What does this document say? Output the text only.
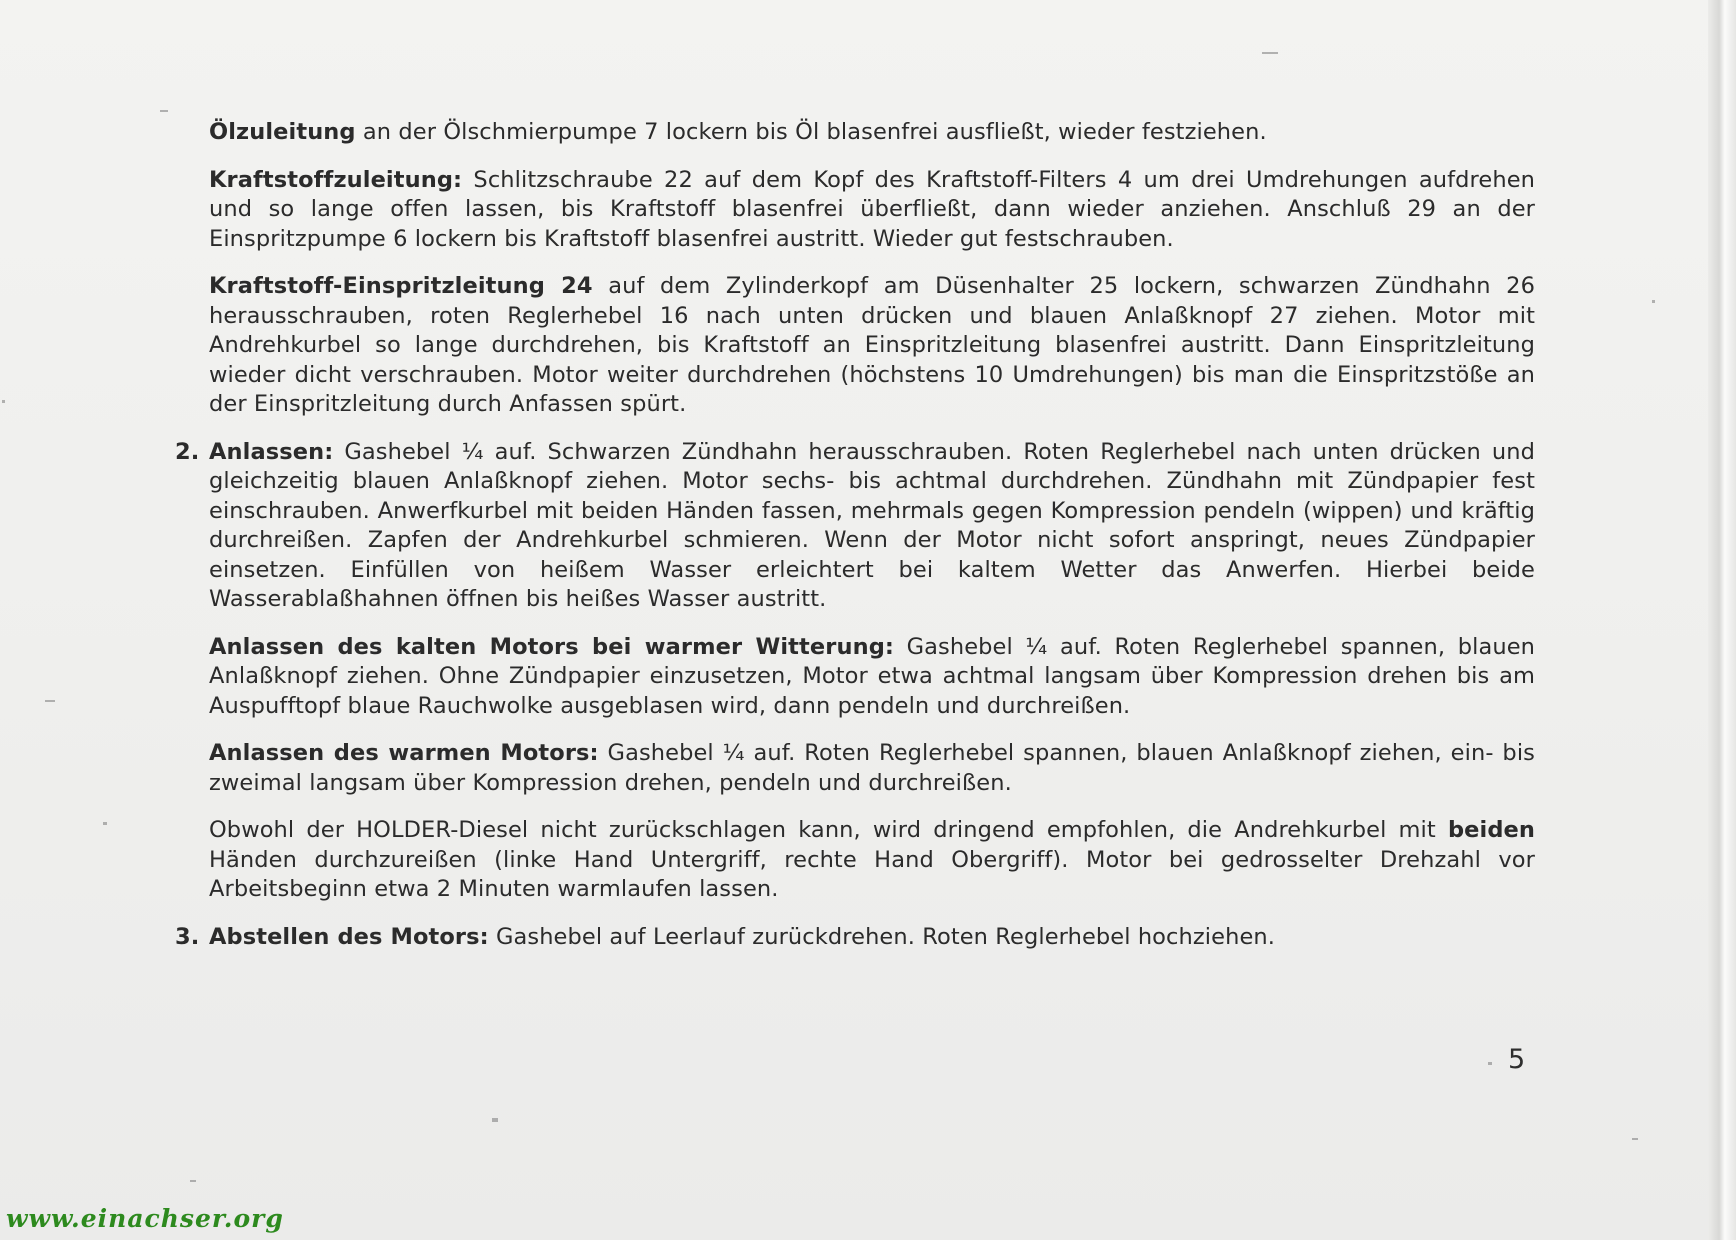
Ölzuleitung an der Ölschmierpumpe 7 lockern bis Öl blasenfrei ausfließt, wieder festziehen.

Kraftstoffzuleitung: Schlitzschraube 22 auf dem Kopf des Kraftstoff-Filters 4 um drei Umdrehungen aufdrehen und so lange offen lassen, bis Kraftstoff blasenfrei überfließt, dann wieder anziehen. Anschluß 29 an der Einspritzpumpe 6 lockern bis Kraftstoff blasenfrei austritt. Wieder gut festschrauben.

Kraftstoff-Einspritzleitung 24 auf dem Zylinderkopf am Düsenhalter 25 lockern, schwarzen Zündhahn 26 herausschrauben, roten Reglerhebel 16 nach unten drücken und blauen Anlaßknopf 27 ziehen. Motor mit Andrehkurbel so lange durchdrehen, bis Kraftstoff an Einspritzleitung blasenfrei austritt. Dann Einspritzleitung wieder dicht verschrauben. Motor weiter durchdrehen (höchstens 10 Umdrehungen) bis man die Einspritzstöße an der Einspritzleitung durch Anfassen spürt.

2. Anlassen: Gashebel ¼ auf. Schwarzen Zündhahn herausschrauben. Roten Reglerhebel nach unten drücken und gleichzeitig blauen Anlaßknopf ziehen. Motor sechs- bis achtmal durchdrehen. Zündhahn mit Zündpapier fest einschrauben. Anwerfkurbel mit beiden Händen fassen, mehrmals gegen Kompression pendeln (wippen) und kräftig durchreißen. Zapfen der Andrehkurbel schmieren. Wenn der Motor nicht sofort anspringt, neues Zündpapier einsetzen. Einfüllen von heißem Wasser erleichtert bei kaltem Wetter das Anwerfen. Hierbei beide Wasserablaßhahnen öffnen bis heißes Wasser austritt.

Anlassen des kalten Motors bei warmer Witterung: Gashebel ¼ auf. Roten Reglerhebel spannen, blauen Anlaßknopf ziehen. Ohne Zündpapier einzusetzen, Motor etwa achtmal langsam über Kompression drehen bis am Auspufftopf blaue Rauchwolke ausgeblasen wird, dann pendeln und durchreißen.

Anlassen des warmen Motors: Gashebel ¼ auf. Roten Reglerhebel spannen, blauen Anlaßknopf ziehen, ein- bis zweimal langsam über Kompression drehen, pendeln und durchreißen.

Obwohl der HOLDER-Diesel nicht zurückschlagen kann, wird dringend empfohlen, die Andrehkurbel mit beiden Händen durchzureißen (linke Hand Untergriff, rechte Hand Obergriff). Motor bei gedrosselter Drehzahl vor Arbeitsbeginn etwa 2 Minuten warmlaufen lassen.

3. Abstellen des Motors: Gashebel auf Leerlauf zurückdrehen. Roten Reglerhebel hochziehen.

5
www.einachser.org
